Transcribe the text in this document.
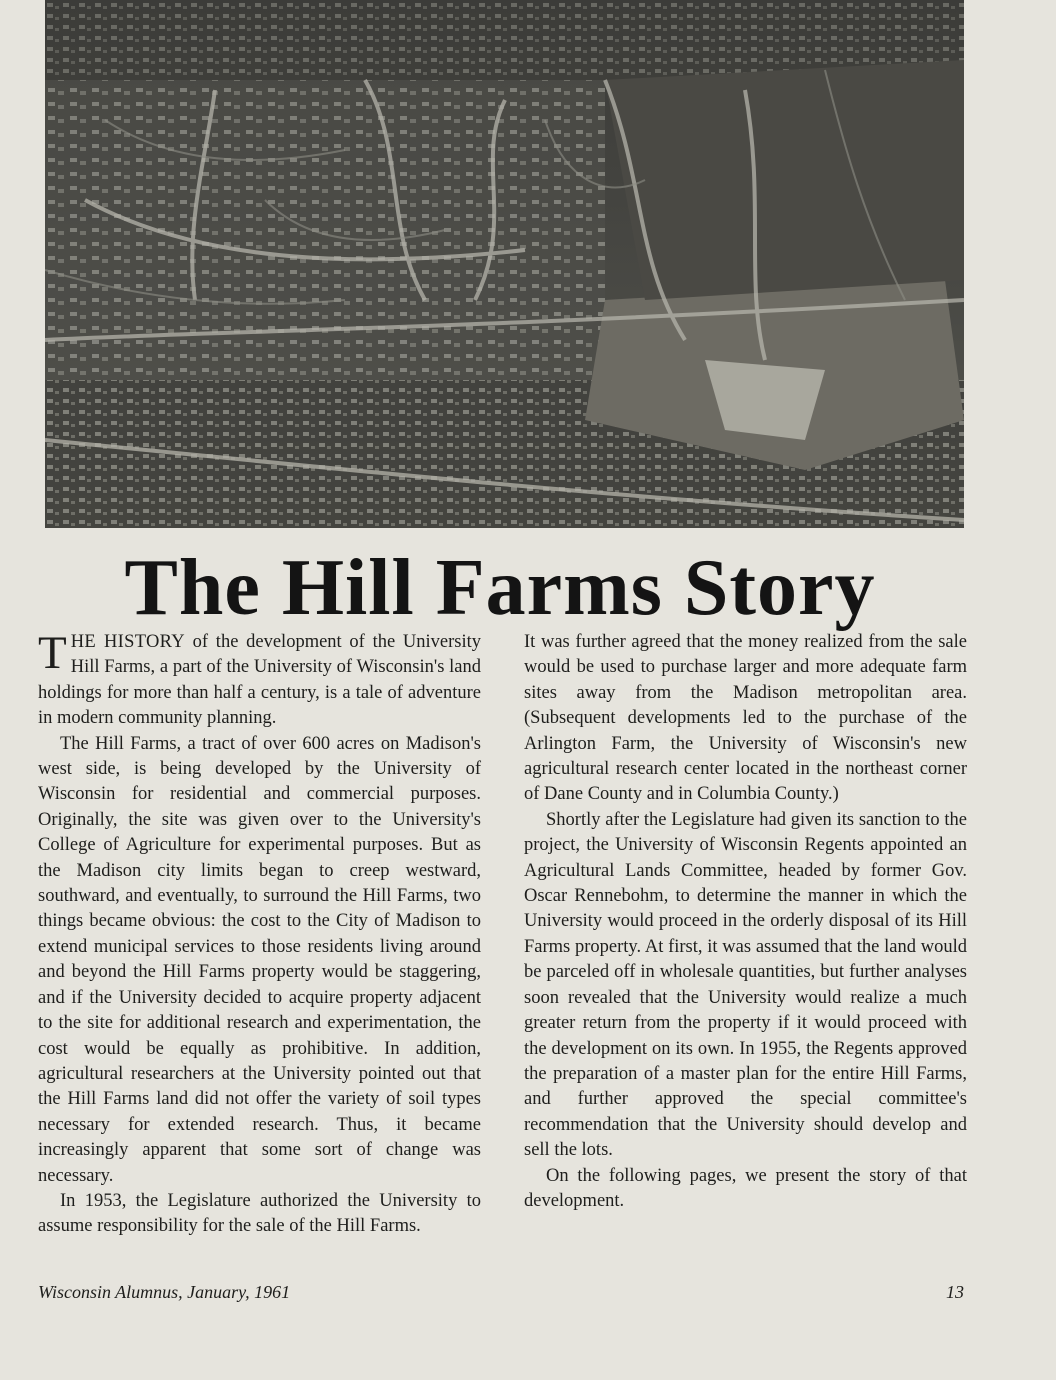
The Hill Farms Story

THE HISTORY of the development of the University Hill Farms, a part of the University of Wisconsin's land holdings for more than half a century, is a tale of adventure in modern community planning.

The Hill Farms, a tract of over 600 acres on Madison's west side, is being developed by the University of Wisconsin for residential and commercial purposes. Originally, the site was given over to the University's College of Agriculture for experimental purposes. But as the Madison city limits began to creep westward, southward, and eventually, to surround the Hill Farms, two things became obvious: the cost to the City of Madison to extend municipal services to those residents living around and beyond the Hill Farms property would be staggering, and if the University decided to acquire property adjacent to the site for additional research and experimentation, the cost would be equally as prohibitive. In addition, agricultural researchers at the University pointed out that the Hill Farms land did not offer the variety of soil types necessary for extended research. Thus, it became increasingly apparent that some sort of change was necessary.

In 1953, the Legislature authorized the University to assume responsibility for the sale of the Hill Farms.

It was further agreed that the money realized from the sale would be used to purchase larger and more adequate farm sites away from the Madison metropolitan area. (Subsequent developments led to the purchase of the Arlington Farm, the University of Wisconsin's new agricultural research center located in the northeast corner of Dane County and in Columbia County.)

Shortly after the Legislature had given its sanction to the project, the University of Wisconsin Regents appointed an Agricultural Lands Committee, headed by former Gov. Oscar Rennebohm, to determine the manner in which the University would proceed in the orderly disposal of its Hill Farms property. At first, it was assumed that the land would be parceled off in wholesale quantities, but further analyses soon revealed that the University would realize a much greater return from the property if it would proceed with the development on its own. In 1955, the Regents approved the preparation of a master plan for the entire Hill Farms, and further approved the special committee's recommendation that the University should develop and sell the lots.

On the following pages, we present the story of that development.

Wisconsin Alumnus, January, 1961	13
